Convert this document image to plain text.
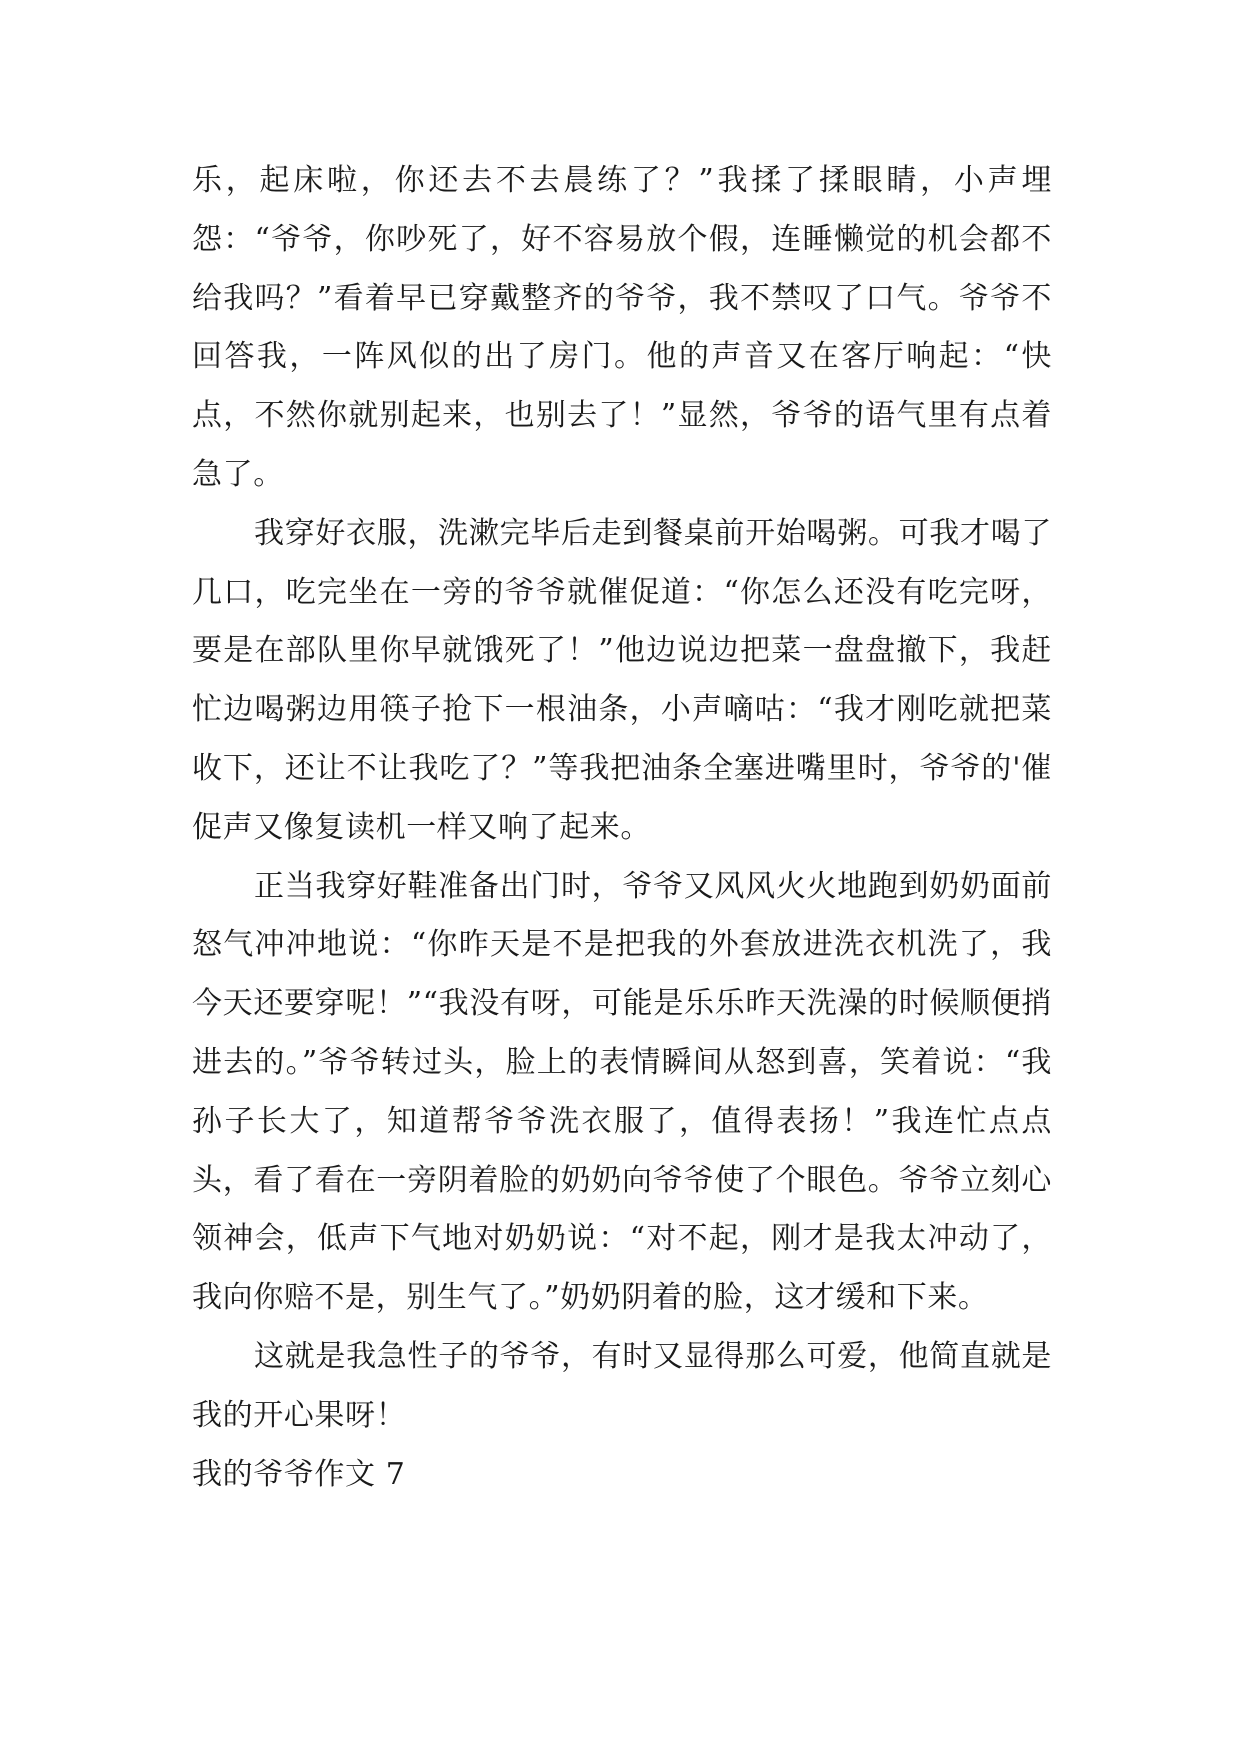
乐，起床啦，你还去不去晨练了？”我揉了揉眼睛，小声埋怨：“爷爷，你吵死了，好不容易放个假，连睡懒觉的机会都不给我吗？”看着早已穿戴整齐的爷爷，我不禁叹了口气。爷爷不回答我，一阵风似的出了房门。他的声音又在客厅响起：“快点，不然你就别起来，也别去了！”显然，爷爷的语气里有点着急了。

我穿好衣服，洗漱完毕后走到餐桌前开始喝粥。可我才喝了几口，吃完坐在一旁的爷爷就催促道：“你怎么还没有吃完呀，要是在部队里你早就饿死了！”他边说边把菜一盘盘撤下，我赶忙边喝粥边用筷子抢下一根油条，小声嘀咕：“我才刚吃就把菜收下，还让不让我吃了？”等我把油条全塞进嘴里时，爷爷的'催促声又像复读机一样又响了起来。

正当我穿好鞋准备出门时，爷爷又风风火火地跑到奶奶面前怒气冲冲地说：“你昨天是不是把我的外套放进洗衣机洗了，我今天还要穿呢！”“我没有呀，可能是乐乐昨天洗澡的时候顺便捎进去的。”爷爷转过头，脸上的表情瞬间从怒到喜，笑着说：“我孙子长大了，知道帮爷爷洗衣服了，值得表扬！”我连忙点点头，看了看在一旁阴着脸的奶奶向爷爷使了个眼色。爷爷立刻心领神会，低声下气地对奶奶说：“对不起，刚才是我太冲动了，我向你赔不是，别生气了。”奶奶阴着的脸，这才缓和下来。

这就是我急性子的爷爷，有时又显得那么可爱，他简直就是我的开心果呀！

我的爷爷作文 7
